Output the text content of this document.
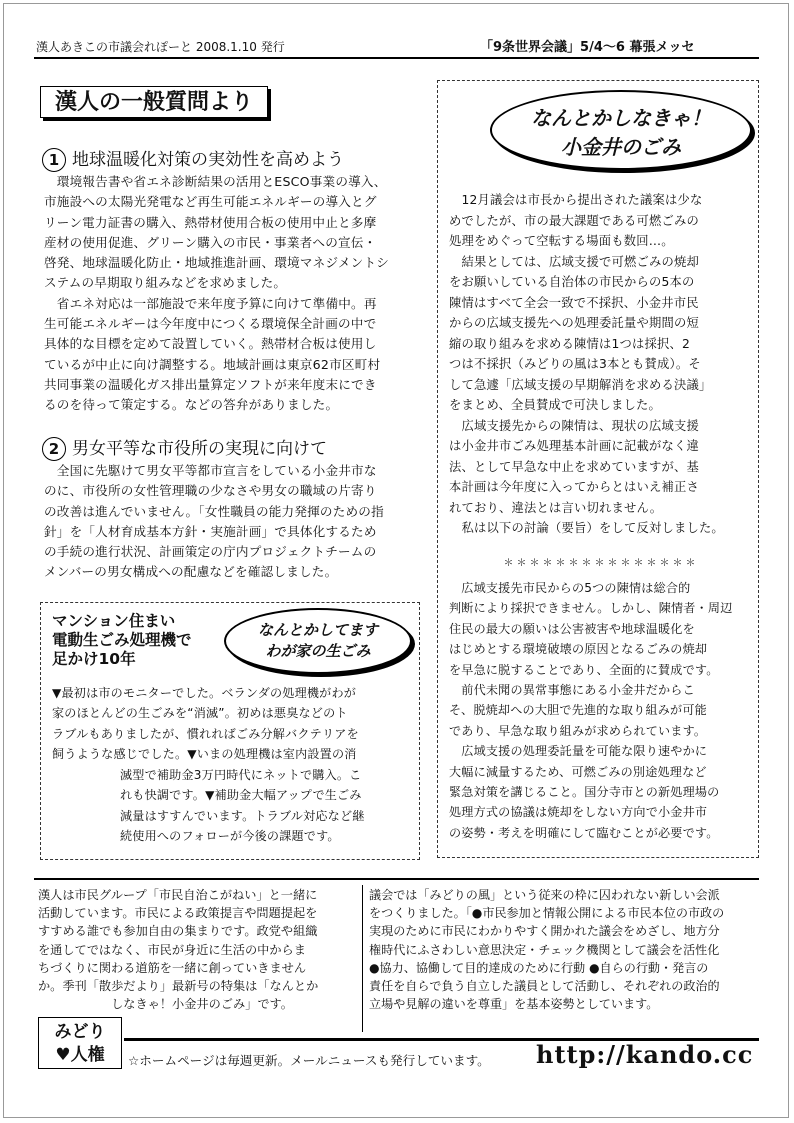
漢人あきこの市議会れぽーと 2008.1.10 発行	「9条世界会議」5/4～6 幕張メッセ
漢人の一般質問より
1 地球温暖化対策の実効性を高めよう
　環境報告書や省エネ診断結果の活用とESCO事業の導入、
市施設への太陽光発電など再生可能エネルギーの導入とグ
リーン電力証書の購入、熱帯材使用合板の使用中止と多摩
産材の使用促進、グリーン購入の市民・事業者への宣伝・
啓発、地球温暖化防止・地域推進計画、環境マネジメントシ
ステムの早期取り組みなどを求めました。
　省エネ対応は一部施設で来年度予算に向けて準備中。再
生可能エネルギーは今年度中につくる環境保全計画の中で
具体的な目標を定めて設置していく。熱帯材合板は使用し
ているが中止に向け調整する。地域計画は東京62市区町村
共同事業の温暖化ガス排出量算定ソフトが来年度末にでき
るのを待って策定する。などの答弁がありました。
2 男女平等な市役所の実現に向けて
　全国に先駆けて男女平等都市宣言をしている小金井市な
のに、市役所の女性管理職の少なさや男女の職域の片寄り
の改善は進んでいません。「女性職員の能力発揮のための指
針」を「人材育成基本方針・実施計画」で具体化するため
の手続の進行状況、計画策定の庁内プロジェクトチームの
メンバーの男女構成への配慮などを確認しました。
なんとかしなきゃ！
小金井のごみ
　12月議会は市長から提出された議案は少な
めでしたが、市の最大課題である可燃ごみの
処理をめぐって空転する場面も数回…。
　結果としては、広域支援で可燃ごみの焼却
をお願いしている自治体の市民からの5本の
陳情はすべて全会一致で不採択、小金井市民
からの広域支援先への処理委託量や期間の短
縮の取り組みを求める陳情は1つは採択、2
つは不採択（みどりの風は3本とも賛成）。そ
して急遽「広域支援の早期解消を求める決議」
をまとめ、全員賛成で可決しました。
　広域支援先からの陳情は、現状の広域支援
は小金井市ごみ処理基本計画に記載がなく違
法、として早急な中止を求めていますが、基
本計画は今年度に入ってからとはいえ補正さ
れており、違法とは言い切れません。
　私は以下の討論（要旨）をして反対しました。
＊＊＊＊＊＊＊＊＊＊＊＊＊＊＊
　広域支援先市民からの5つの陳情は総合的
判断により採択できません。しかし、陳情者・周辺
住民の最大の願いは公害被害や地球温暖化を
はじめとする環境破壊の原因となるごみの焼却
を早急に脱することであり、全面的に賛成です。
　前代未聞の異常事態にある小金井だからこ
そ、脱焼却への大胆で先進的な取り組みが可能
であり、早急な取り組みが求められています。
　広域支援の処理委託量を可能な限り速やかに
大幅に減量するため、可燃ごみの別途処理など
緊急対策を講じること。国分寺市との新処理場の
処理方式の協議は焼却をしない方向で小金井市
の姿勢・考えを明確にして臨むことが必要です。
マンション住まい
電動生ごみ処理機で
足かけ10年
なんとかしてます
わが家の生ごみ
▼最初は市のモニターでした。ベランダの処理機がわが
家のほとんどの生ごみを“消滅”。初めは悪臭などのト
ラブルもありましたが、慣れればごみ分解バクテリアを
飼うような感じでした。▼いまの処理機は室内設置の消
滅型で補助金3万円時代にネットで購入。こ
れも快調です。▼補助金大幅アップで生ごみ
減量はすすんでいます。トラブル対応など継
続使用へのフォローが今後の課題です。
漢人は市民グループ「市民自治こがねい」と一緒に
活動しています。市民による政策提言や問題提起を
すすめる誰でも参加自由の集まりです。政党や組織
を通してではなく、市民が身近に生活の中からま
ちづくりに関わる道筋を一緒に創っていきません
か。季刊「散歩だより」最新号の特集は「なんとか
　　　　　　しなきゃ！小金井のごみ」です。
議会では「みどりの風」という従来の枠に囚われない新しい会派
をつくりました。「●市民参加と情報公開による市民本位の市政の
実現のために市民にわかりやすく開かれた議会をめざし、地方分
権時代にふさわしい意思決定・チェック機関として議会を活性化
●協力、協働して目的達成のために行動 ●自らの行動・発言の
責任を自らで負う自立した議員として活動し、それぞれの政治的
立場や見解の違いを尊重」を基本姿勢としています。
みどり
♥人権	☆ホームページは毎週更新。メールニュースも発行しています。 http://kando.cc
